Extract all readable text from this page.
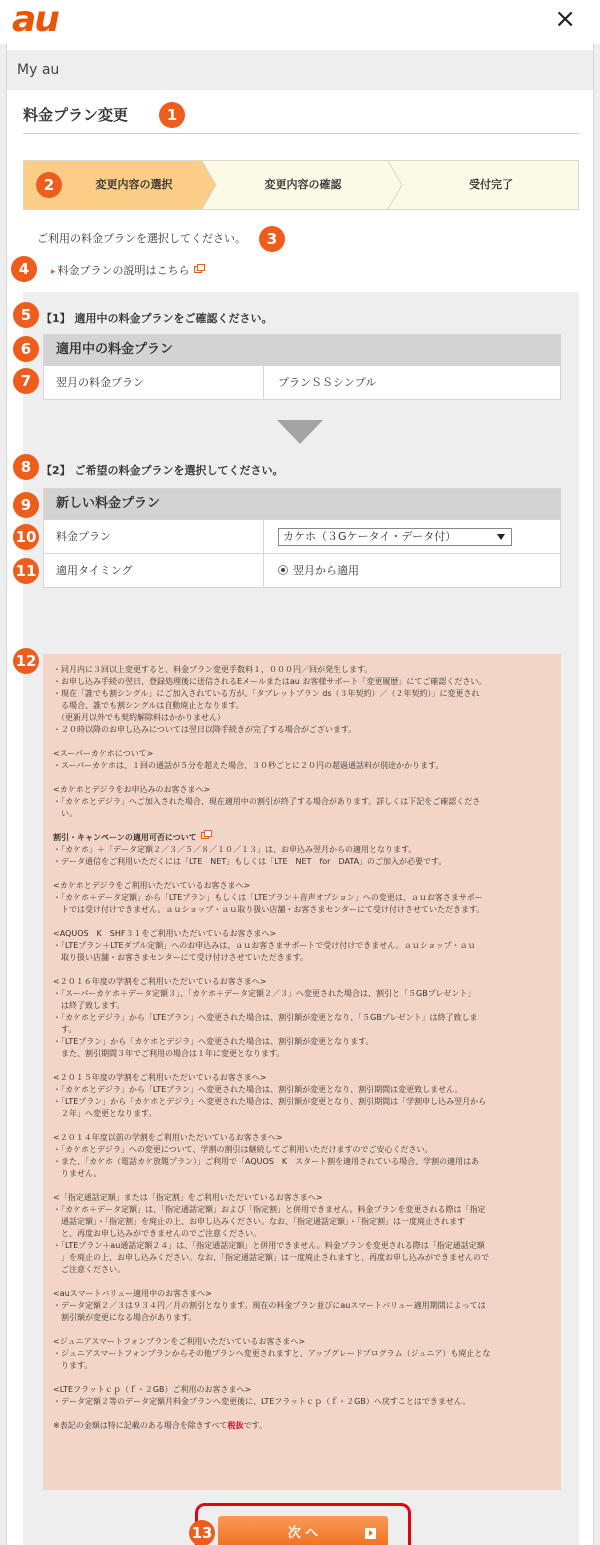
au	×
My au
料金プラン変更	1
2	変更内容の選択	変更内容の確認	受付完了
ご利用の料金プランを選択してください。	3
4	▸ 料金プランの説明はこちら
5 【1】 適用中の料金プランをご確認ください。
適用中の料金プラン
翌月の料金プラン	プランＳＳシンプル
6
7
8 【2】 ご希望の料金プランを選択してください。
新しい料金プラン
料金プラン	カケホ（３Gケータイ・データ付）
適用タイミング	翌月から適用
9
10
11
・同月内に３回以上変更すると、料金プラン変更手数料１，０００円／回が発生します。
・お申し込み手続の翌日、登録処理後に送信されるEメールまたはau お客様サポート「変更履歴」にてご確認ください。
・現在「誰でも割シングル」にご加入されている方が、「タブレットプラン ds（３年契約）／（２年契約）」に変更され
　る場合、誰でも割シングルは自動廃止となります。
　（更新月以外でも契約解除料はかかりません）
・２０時以降のお申し込みについては翌日以降手続きが完了する場合がございます。
<スーパーカケホについて>
・スーパーカケホは、１回の通話が５分を超えた場合、３０秒ごとに２０円の超過通話料が別途かかります。
<カケホとデジラをお申込みのお客さまへ>
・「カケホとデジラ」へご加入された場合、現在適用中の割引が終了する場合があります。詳しくは下記をご確認くださ
　い。
割引・キャンペーンの適用可否について
・「カケホ」＋「データ定額２／３／５／８／１０／１３」は、お申込み翌月からの適用となります。
・データ通信をご利用いただくには「LTE　NET」もしくは「LTE　NET　for　DATA」のご加入が必要です。
<カケホとデジラをご利用いただいているお客さまへ>
・「カケホ＋データ定額」から「LTEプラン」もしくは「LTEプラン＋音声オプション」への変更は、ａｕお客さまサポー
　トでは受け付けできません。ａｕショップ・ａｕ取り扱い店舗・お客さまセンターにて受け付けさせていただきます。
<AQUOS　K　SHF３１をご利用いただいているお客さまへ>
・「LTEプラン＋LTEダブル定額」へのお申込みは、ａｕお客さまサポートで受け付けできません。ａｕショップ・ａｕ
　取り扱い店舗・お客さまセンターにて受け付けさせていただきます。
<２０１６年度の学割をご利用いただいているお客さまへ>
・「スーパーカケホ＋データ定額３」、「カケホ＋データ定額２／３」へ変更された場合は、割引と「５GBプレゼント」
　は終了致します。
・「カケホとデジラ」から「LTEプラン」へ変更された場合は、割引額が変更となり、「５GBプレゼント」は終了致しま
　す。
・「LTEプラン」から「カケホとデジラ」へ変更された場合は、割引額が変更となります。
　また、割引期間３年でご利用の場合は１年に変更となります。
<２０１５年度の学割をご利用いただいているお客さまへ>
・「カケホとデジラ」から「LTEプラン」へ変更された場合は、割引額が変更となり、割引期間は変更致しません。
・「LTEプラン」から「カケホとデジラ」へ変更された場合は、割引額が変更となり、割引期間は「学割申し込み翌月から
　２年」へ変更となります。
<２０１４年度以前の学割をご利用いただいているお客さまへ>
・「カケホとデジラ」への変更について、学割の割引は継続してご利用いただけますのでご安心ください。
・また、「カケホ（電話カケ放題プラン）」ご利用で「AQUOS　K　スタート割を適用されている場合、学割の適用はあ
　りません。
<「指定通話定額」または「指定割」をご利用いただいているお客さまへ>
・「カケホ＋データ定額」は、「指定通話定額」および「指定割」と併用できません。料金プランを変更される際は「指定
　通話定額」・「指定割」を廃止の上、お申し込みください。なお、「指定通話定額」・「指定割」は一度廃止されます
　と、再度お申し込みができませんのでご注意ください。
・「LTEプラン＋au通話定額２４」は、「指定通話定額」と併用できません。料金プランを変更される際は「指定通話定額
　」を廃止の上、お申し込みください。なお、「指定通話定額」は一度廃止されますと、再度お申し込みができませんので
　ご注意ください。
<auスマートバリュー適用中のお客さまへ>
・データ定額２／３は９３４円／月の割引となります。現在の料金プラン並びにauスマートバリュー適用期間によっては
　割引額が変更になる場合があります。
<ジュニアスマートフォンプランをご利用いただいているお客さまへ>
・ジュニアスマートフォンプランからその他プランへ変更されますと、アップグレードプログラム（ジュニア）も廃止とな
　ります。
<LTEフラットｃｐ（ｆ・２GB）ご利用のお客さまへ>
・データ定額２等のデータ定額月料金プランへ変更後に、LTEフラットｃｐ（ｆ・２GB）へ戻すことはできません。
※表記の金額は特に記載のある場合を除きすべて税抜です。
12
次 へ
13
